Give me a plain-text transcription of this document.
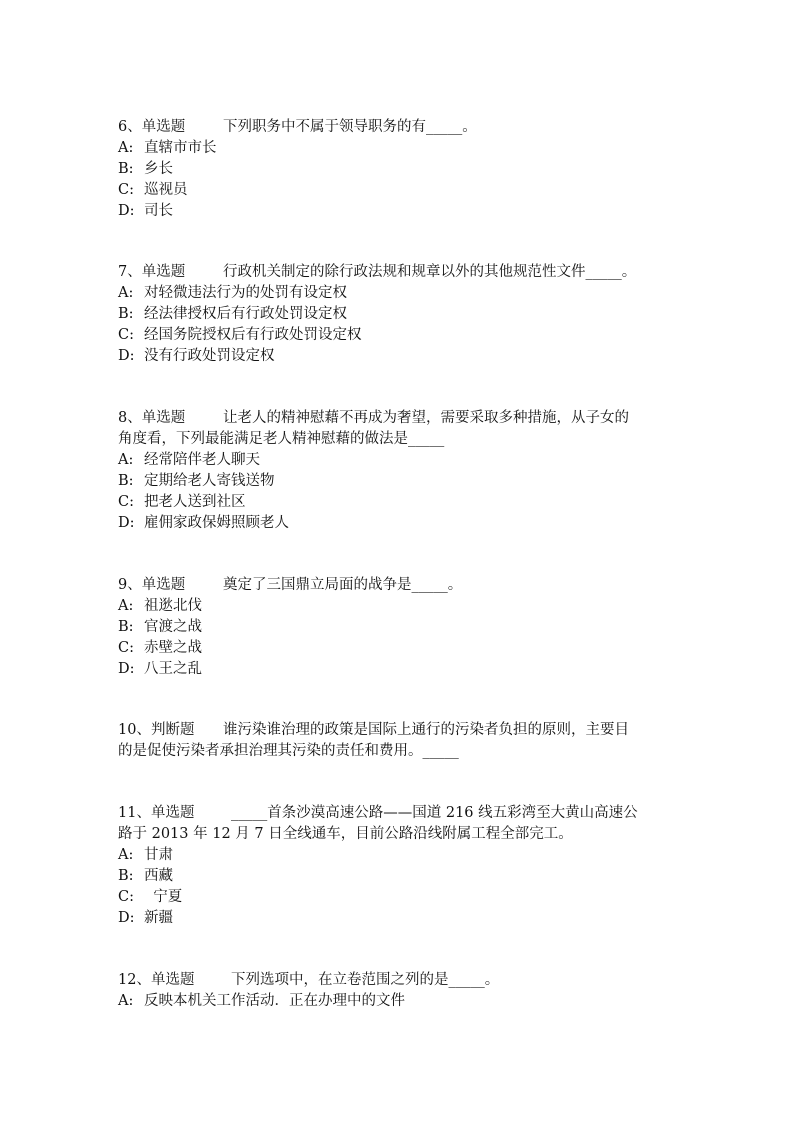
6、单选题	下列职务中不属于领导职务的有_____。
A: 直辖市市长
B: 乡长
C: 巡视员
D: 司长
7、单选题	行政机关制定的除行政法规和规章以外的其他规范性文件_____。
A: 对轻微违法行为的处罚有设定权
B: 经法律授权后有行政处罚设定权
C: 经国务院授权后有行政处罚设定权
D: 没有行政处罚设定权
8、单选题	让老人的精神慰藉不再成为奢望，需要采取多种措施，从子女的
角度看，下列最能满足老人精神慰藉的做法是_____
A: 经常陪伴老人聊天
B: 定期给老人寄钱送物
C: 把老人送到社区
D: 雇佣家政保姆照顾老人
9、单选题	奠定了三国鼎立局面的战争是_____。
A: 祖逖北伐
B: 官渡之战
C: 赤壁之战
D: 八王之乱
10、判断题 谁污染谁治理的政策是国际上通行的污染者负担的原则，主要目
的是促使污染者承担治理其污染的责任和费用。_____
11、单选题	_____首条沙漠高速公路——国道 216 线五彩湾至大黄山高速公
路于 2013 年 12 月 7 日全线通车，目前公路沿线附属工程全部完工。
A: 甘肃
B: 西藏
C:  宁夏
D: 新疆
12、单选题	下列选项中，在立卷范围之列的是_____。
A: 反映本机关工作活动．正在办理中的文件
